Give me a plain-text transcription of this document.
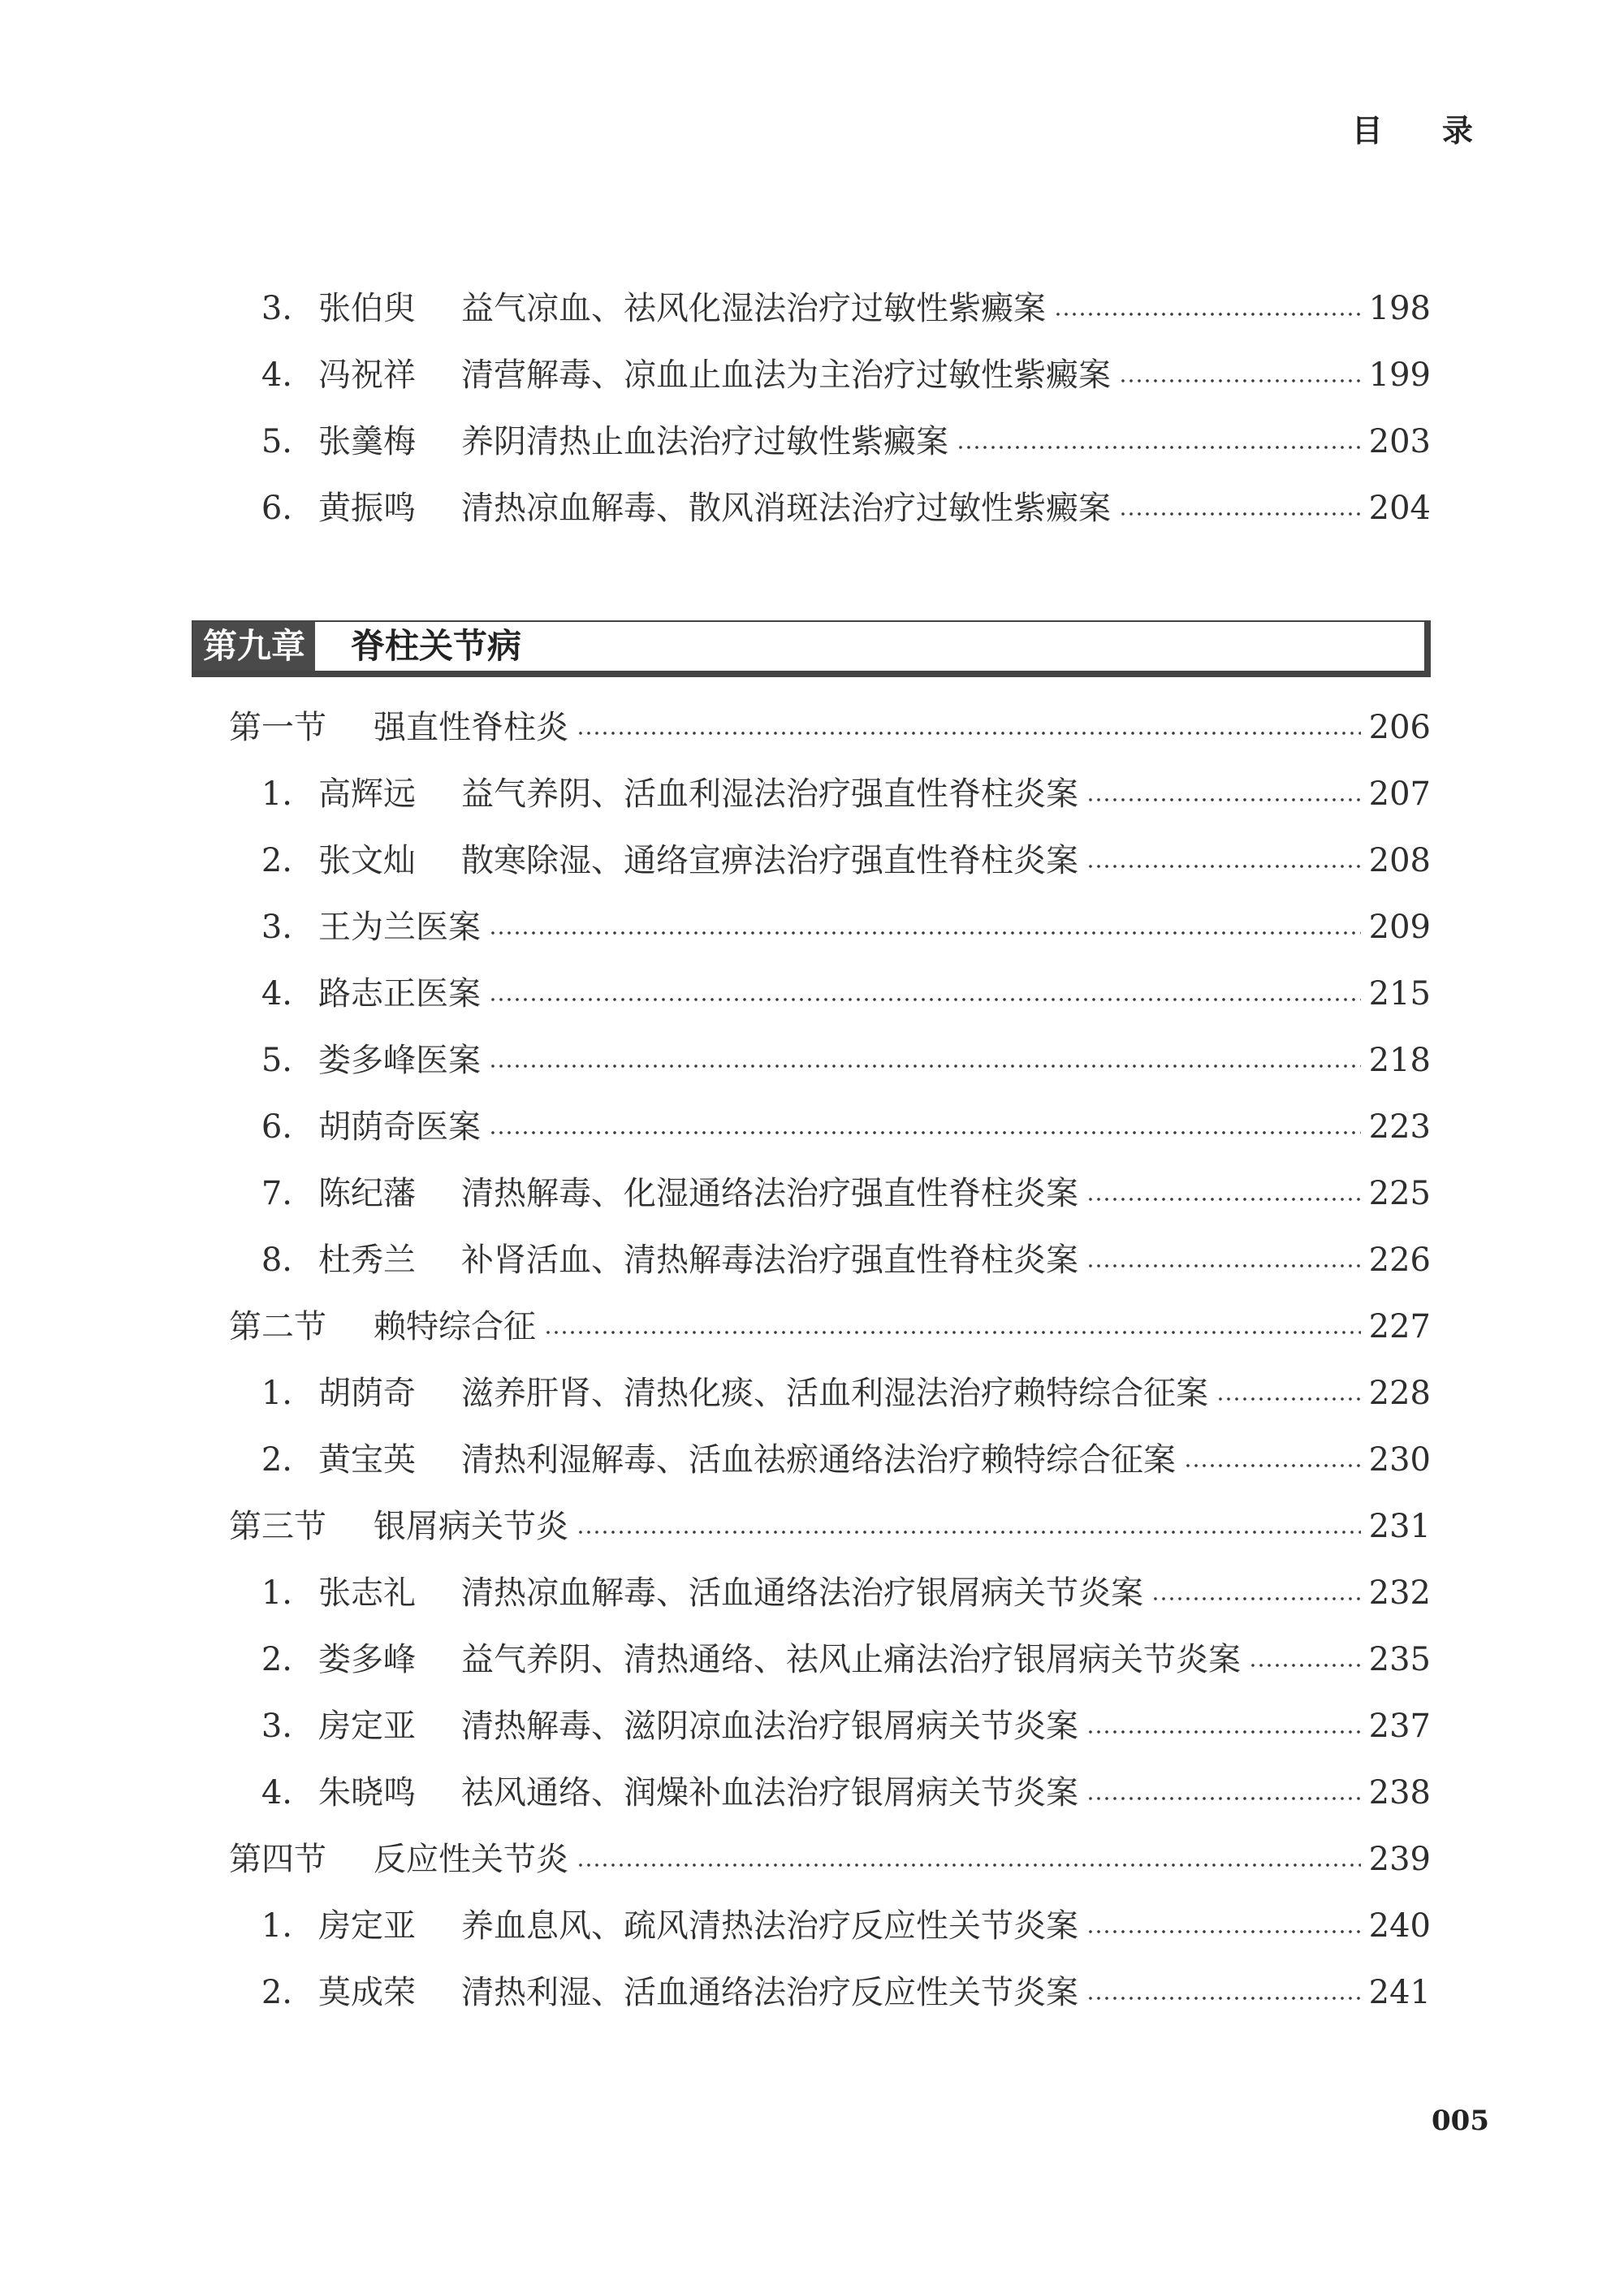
目 录
3. 张伯臾 益气凉血、祛风化湿法治疗过敏性紫癜案	198
4. 冯祝祥 清营解毒、凉血止血法为主治疗过敏性紫癜案	199
5. 张羹梅 养阴清热止血法治疗过敏性紫癜案	203
6. 黄振鸣 清热凉血解毒、散风消斑法治疗过敏性紫癜案	204
第九章 脊柱关节病
第一节 强直性脊柱炎	206
1. 高辉远 益气养阴、活血利湿法治疗强直性脊柱炎案	207
2. 张文灿 散寒除湿、通络宣痹法治疗强直性脊柱炎案	208
3. 王为兰医案	209
4. 路志正医案	215
5. 娄多峰医案	218
6. 胡荫奇医案	223
7. 陈纪藩 清热解毒、化湿通络法治疗强直性脊柱炎案	225
8. 杜秀兰 补肾活血、清热解毒法治疗强直性脊柱炎案	226
第二节 赖特综合征	227
1. 胡荫奇 滋养肝肾、清热化痰、活血利湿法治疗赖特综合征案	228
2. 黄宝英 清热利湿解毒、活血祛瘀通络法治疗赖特综合征案	230
第三节 银屑病关节炎	231
1. 张志礼 清热凉血解毒、活血通络法治疗银屑病关节炎案	232
2. 娄多峰 益气养阴、清热通络、祛风止痛法治疗银屑病关节炎案	235
3. 房定亚 清热解毒、滋阴凉血法治疗银屑病关节炎案	237
4. 朱晓鸣 祛风通络、润燥补血法治疗银屑病关节炎案	238
第四节 反应性关节炎	239
1. 房定亚 养血息风、疏风清热法治疗反应性关节炎案	240
2. 莫成荣 清热利湿、活血通络法治疗反应性关节炎案	241
005
